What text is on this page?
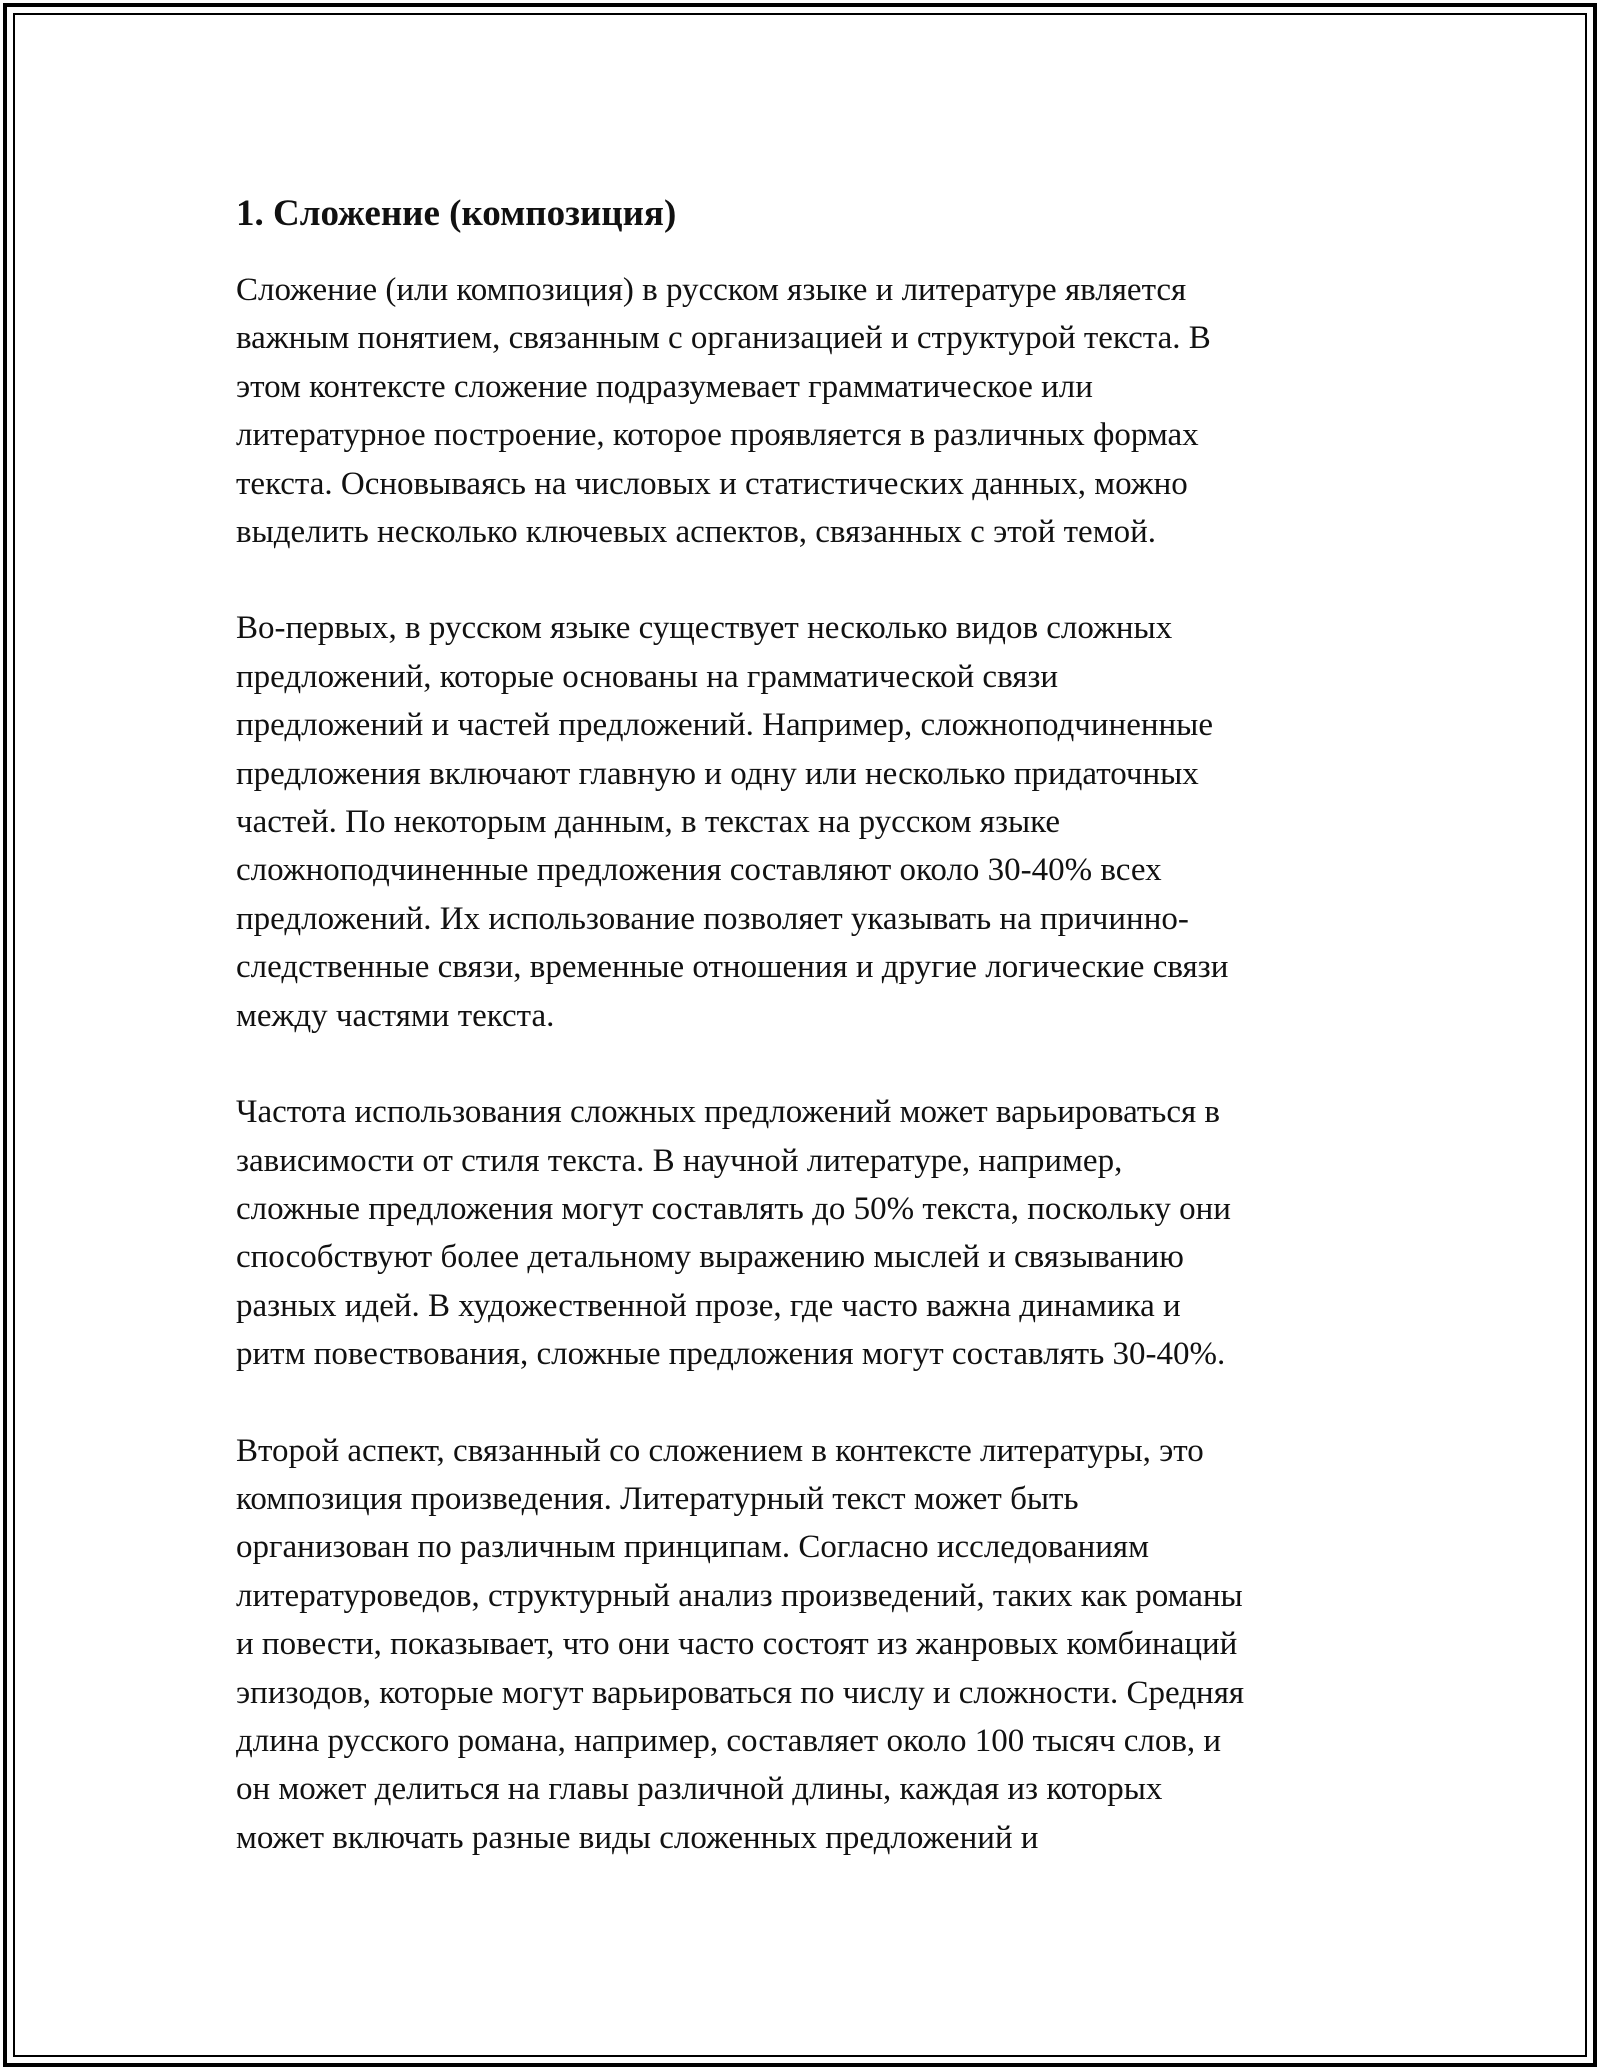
1. Сложение (композиция)

Сложение (или композиция) в русском языке и литературе является
важным понятием, связанным с организацией и структурой текста. В
этом контексте сложение подразумевает грамматическое или
литературное построение, которое проявляется в различных формах
текста. Основываясь на числовых и статистических данных, можно
выделить несколько ключевых аспектов, связанных с этой темой.

Во-первых, в русском языке существует несколько видов сложных
предложений, которые основаны на грамматической связи
предложений и частей предложений. Например, сложноподчиненные
предложения включают главную и одну или несколько придаточных
частей. По некоторым данным, в текстах на русском языке
сложноподчиненные предложения составляют около 30-40% всех
предложений. Их использование позволяет указывать на причинно-
следственные связи, временные отношения и другие логические связи
между частями текста.

Частота использования сложных предложений может варьироваться в
зависимости от стиля текста. В научной литературе, например,
сложные предложения могут составлять до 50% текста, поскольку они
способствуют более детальному выражению мыслей и связыванию
разных идей. В художественной прозе, где часто важна динамика и
ритм повествования, сложные предложения могут составлять 30-40%.

Второй аспект, связанный со сложением в контексте литературы, это
композиция произведения. Литературный текст может быть
организован по различным принципам. Согласно исследованиям
литературоведов, структурный анализ произведений, таких как романы
и повести, показывает, что они часто состоят из жанровых комбинаций
эпизодов, которые могут варьироваться по числу и сложности. Средняя
длина русского романа, например, составляет около 100 тысяч слов, и
он может делиться на главы различной длины, каждая из которых
может включать разные виды сложенных предложений и
